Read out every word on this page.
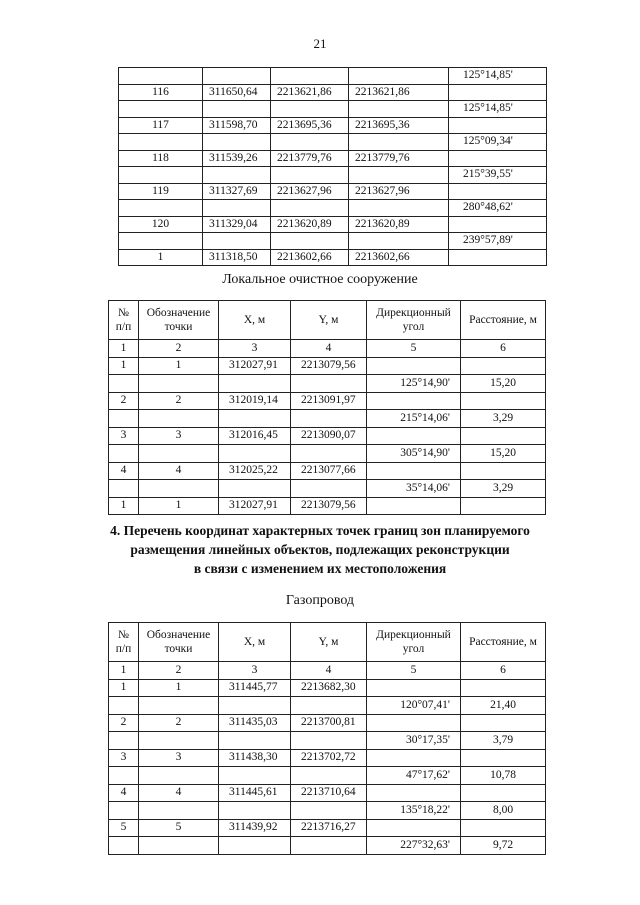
21
				125°14,85'
116	311650,64	2213621,86	2213621,86	
				125°14,85'
117	311598,70	2213695,36	2213695,36	
				125°09,34'
118	311539,26	2213779,76	2213779,76	
				215°39,55'
119	311327,69	2213627,96	2213627,96	
				280°48,62'
120	311329,04	2213620,89	2213620,89	
				239°57,89'
1	311318,50	2213602,66	2213602,66	
Локальное очистное сооружение
№ п/п	Обозначение точки	X, м	Y, м	Дирекционный угол	Расстояние, м
1	2	3	4	5	6
1	1	312027,91	2213079,56		
				125°14,90'	15,20
2	2	312019,14	2213091,97		
				215°14,06'	3,29
3	3	312016,45	2213090,07		
				305°14,90'	15,20
4	4	312025,22	2213077,66		
				35°14,06'	3,29
1	1	312027,91	2213079,56		
4. Перечень координат характерных точек границ зон планируемого
размещения линейных объектов, подлежащих реконструкции
в связи с изменением их местоположения
Газопровод
№ п/п	Обозначение точки	X, м	Y, м	Дирекционный угол	Расстояние, м
1	2	3	4	5	6
1	1	311445,77	2213682,30		
				120°07,41'	21,40
2	2	311435,03	2213700,81		
				30°17,35'	3,79
3	3	311438,30	2213702,72		
				47°17,62'	10,78
4	4	311445,61	2213710,64		
				135°18,22'	8,00
5	5	311439,92	2213716,27		
				227°32,63'	9,72
